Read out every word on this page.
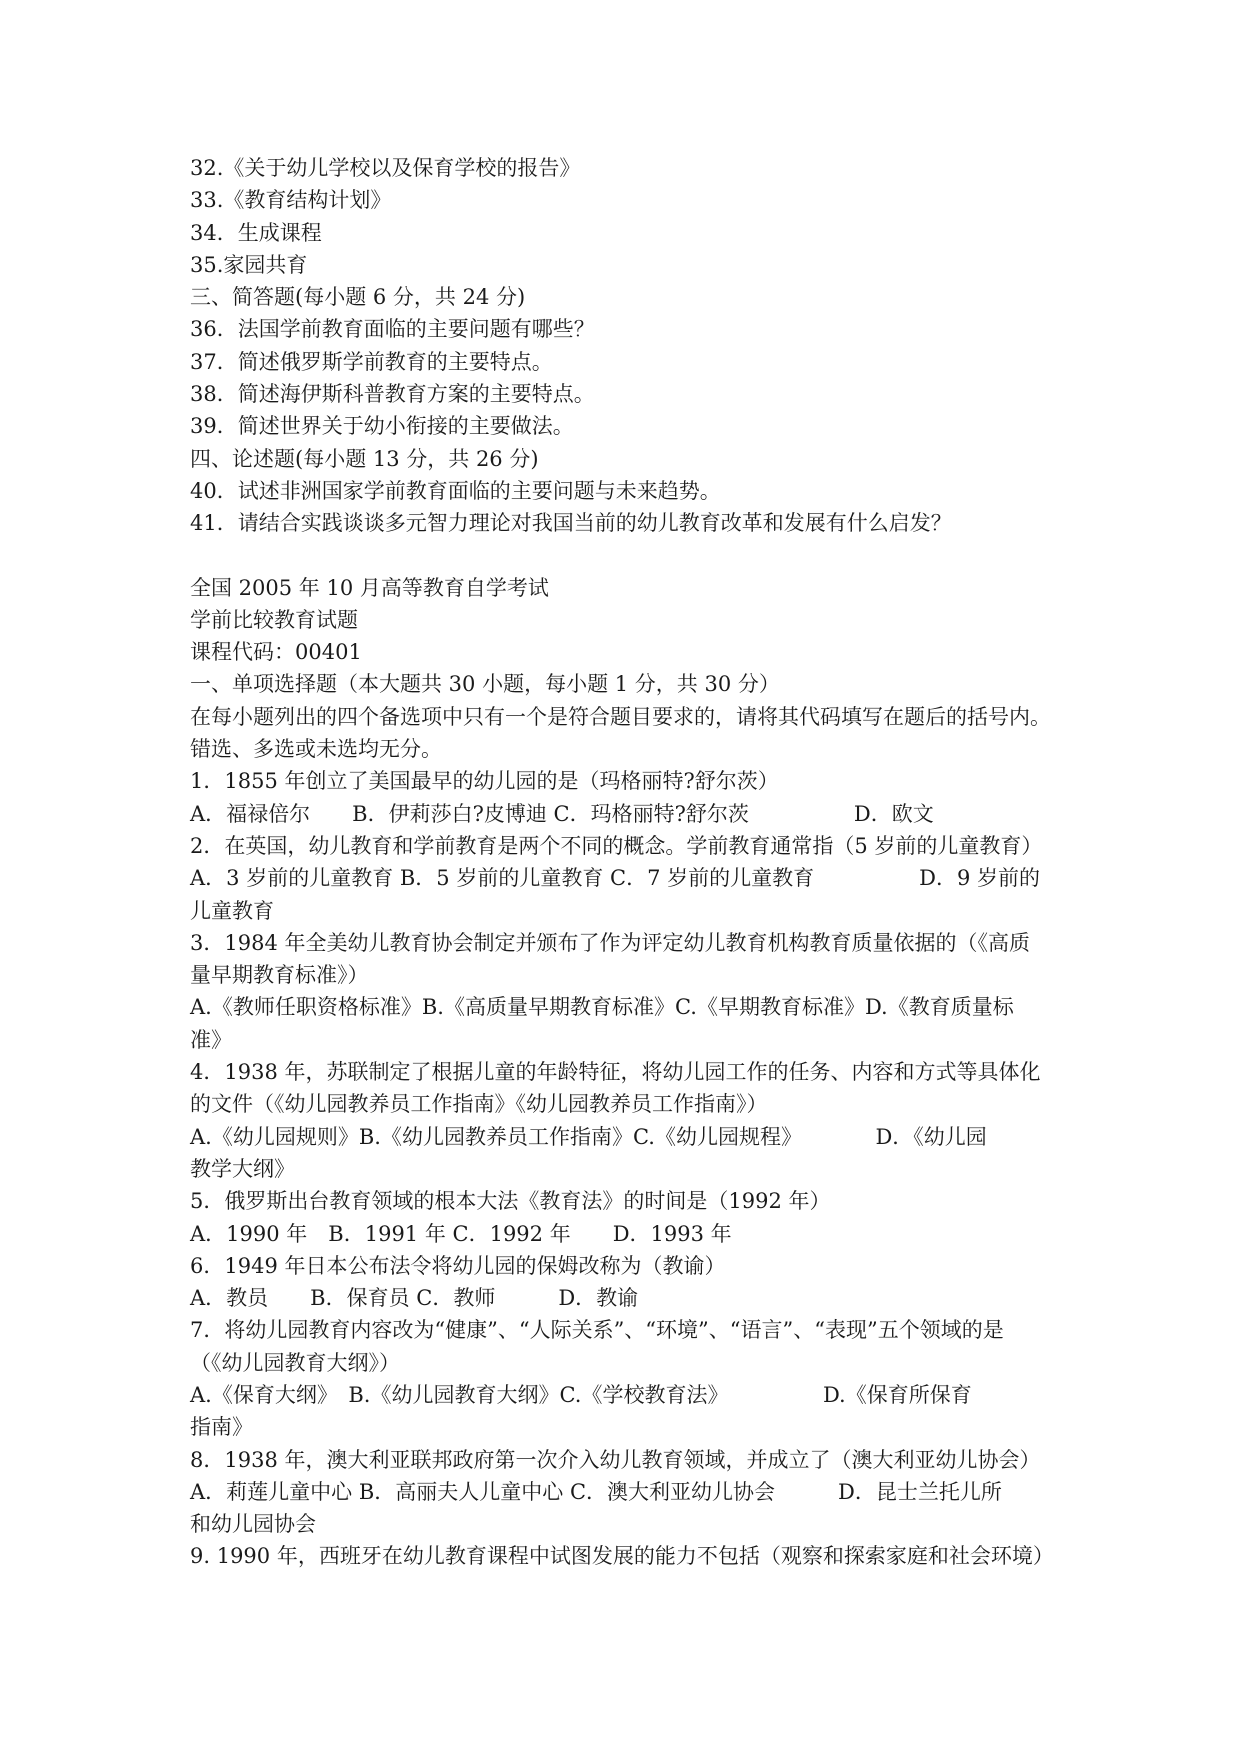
32.《关于幼儿学校以及保育学校的报告》
33.《教育结构计划》
34．生成课程
35.家园共育
三、简答题(每小题 6 分，共 24 分)
36．法国学前教育面临的主要问题有哪些？
37．简述俄罗斯学前教育的主要特点。
38．简述海伊斯科普教育方案的主要特点。
39．简述世界关于幼小衔接的主要做法。
四、论述题(每小题 13 分，共 26 分)
40．试述非洲国家学前教育面临的主要问题与未来趋势。
41．请结合实践谈谈多元智力理论对我国当前的幼儿教育改革和发展有什么启发？
全国 2005 年 10 月高等教育自学考试
学前比较教育试题
课程代码：00401
一、单项选择题（本大题共 30 小题，每小题 1 分，共 30 分）
在每小题列出的四个备选项中只有一个是符合题目要求的，请将其代码填写在题后的括号内。
错选、多选或未选均无分。
1．1855 年创立了美国最早的幼儿园的是（玛格丽特?舒尔茨）
A．福禄倍尔　　B．伊莉莎白?皮博迪 C．玛格丽特?舒尔茨　　　　　D．欧文
2．在英国，幼儿教育和学前教育是两个不同的概念。学前教育通常指（5 岁前的儿童教育）
A．3 岁前的儿童教育 B．5 岁前的儿童教育 C．7 岁前的儿童教育　　　　　D．9 岁前的
儿童教育
3．1984 年全美幼儿教育协会制定并颁布了作为评定幼儿教育机构教育质量依据的（《高质
量早期教育标准》）
A.《教师任职资格标准》B.《高质量早期教育标准》C.《早期教育标准》D.《教育质量标
准》
4．1938 年，苏联制定了根据儿童的年龄特征，将幼儿园工作的任务、内容和方式等具体化
的文件（《幼儿园教养员工作指南》《幼儿园教养员工作指南》）
A.《幼儿园规则》B.《幼儿园教养员工作指南》C.《幼儿园规程》　　　　D．《幼儿园
教学大纲》
5．俄罗斯出台教育领域的根本大法《教育法》的时间是（1992 年）
A．1990 年　B．1991 年 C．1992 年　　D．1993 年
6．1949 年日本公布法令将幼儿园的保姆改称为（教谕）
A．教员　　B．保育员 C．教师　　　D．教谕
7．将幼儿园教育内容改为“健康”、“人际关系”、“环境”、“语言”、“表现”五个领域的是
（《幼儿园教育大纲》）
A.《保育大纲》　B.《幼儿园教育大纲》C.《学校教育法》　　　　　D.《保育所保育
指南》
8．1938 年，澳大利亚联邦政府第一次介入幼儿教育领域，并成立了（澳大利亚幼儿协会）
A．莉莲儿童中心 B．高丽夫人儿童中心 C．澳大利亚幼儿协会　　　D．昆士兰托儿所
和幼儿园协会
9. 1990 年，西班牙在幼儿教育课程中试图发展的能力不包括（观察和探索家庭和社会环境）
